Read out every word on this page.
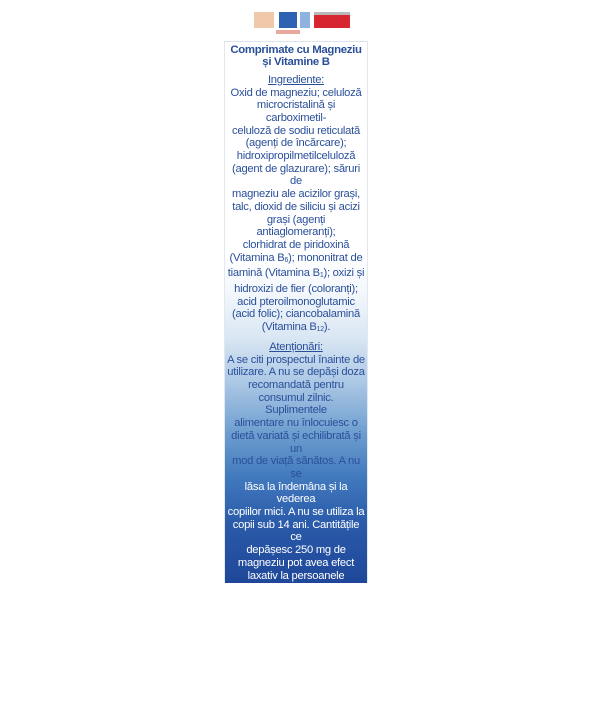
Comprimate cu Magneziu
și Vitamine B
Ingrediente:
Oxid de magneziu; celuloză
microcristalină și carboximetil-
celuloză de sodiu reticulată
(agenți de încărcare);
hidroxipropilmetilceluloză
(agent de glazurare); săruri de
magneziu ale acizilor grași,
talc, dioxid de siliciu și acizi
grași (agenți antiaglomeranți);
clorhidrat de piridoxină
(Vitamina B6); mononitrat de
tiamină (Vitamina B1); oxizi și
hidroxizi de fier (coloranți);
acid pteroilmonoglutamic
(acid folic); ciancobalamină
(Vitamina B12).
Atenționări:
A se citi prospectul înainte de
utilizare. A nu se depăși doza
recomandată pentru
consumul zilnic. Suplimentele
alimentare nu înlocuiesc o
dietă variată și echilibrată și un
mod de viață sănătos. A nu se
lăsa la îndemâna și la vederea
copiilor mici. A nu se utiliza la
copii sub 14 ani. Cantitățile ce
depășesc 250 mg de
magneziu pot avea efect
laxativ la persoanele sensibile.
A se păstra la temperaturi ce
nu depășesc 25°C, în
ambalajul original.
A se consuma de preferință
înainte de sfârșitul / Lot: a se
vedea pe capacul cutiei.
Art.-Nr. 47376
